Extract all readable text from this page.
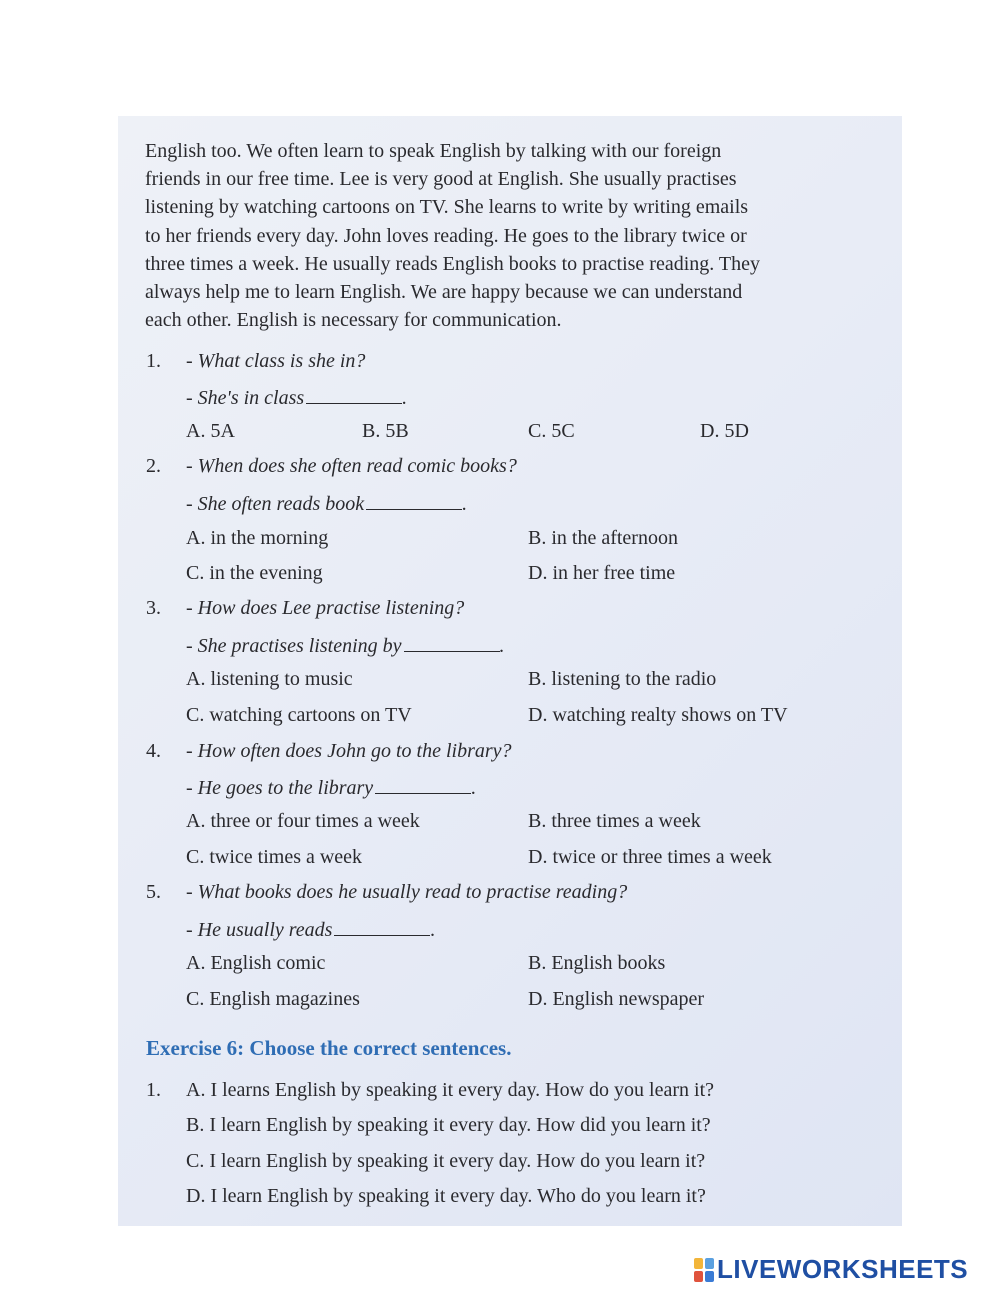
English too. We often learn to speak English by talking with our foreign
friends in our free time. Lee is very good at English. She usually practises
listening by watching cartoons on TV. She learns to write by writing emails
to her friends every day. John loves reading. He goes to the library twice or
three times a week. He usually reads English books to practise reading. They
always help me to learn English. We are happy because we can understand
each other. English is necessary for communication.
1. - What class is she in?
- She's in class	.
A. 5A	B. 5B	C. 5C	D. 5D
2. - When does she often read comic books?
- She often reads book	.
A. in the morning	B. in the afternoon
C. in the evening	D. in her free time
3. - How does Lee practise listening?
- She practises listening by	.
A. listening to music	B. listening to the radio
C. watching cartoons on TV	D. watching realty shows on TV
4. - How often does John go to the library?
- He goes to the library	.
A. three or four times a week	B. three times a week
C. twice times a week	D. twice or three times a week
5. - What books does he usually read to practise reading?
- He usually reads	.
A. English comic	B. English books
C. English magazines	D. English newspaper
Exercise 6: Choose the correct sentences.
1. A. I learns English by speaking it every day. How do you learn it?
B. I learn English by speaking it every day. How did you learn it?
C. I learn English by speaking it every day. How do you learn it?
D. I learn English by speaking it every day. Who do you learn it?
LIVEWORKSHEETS
